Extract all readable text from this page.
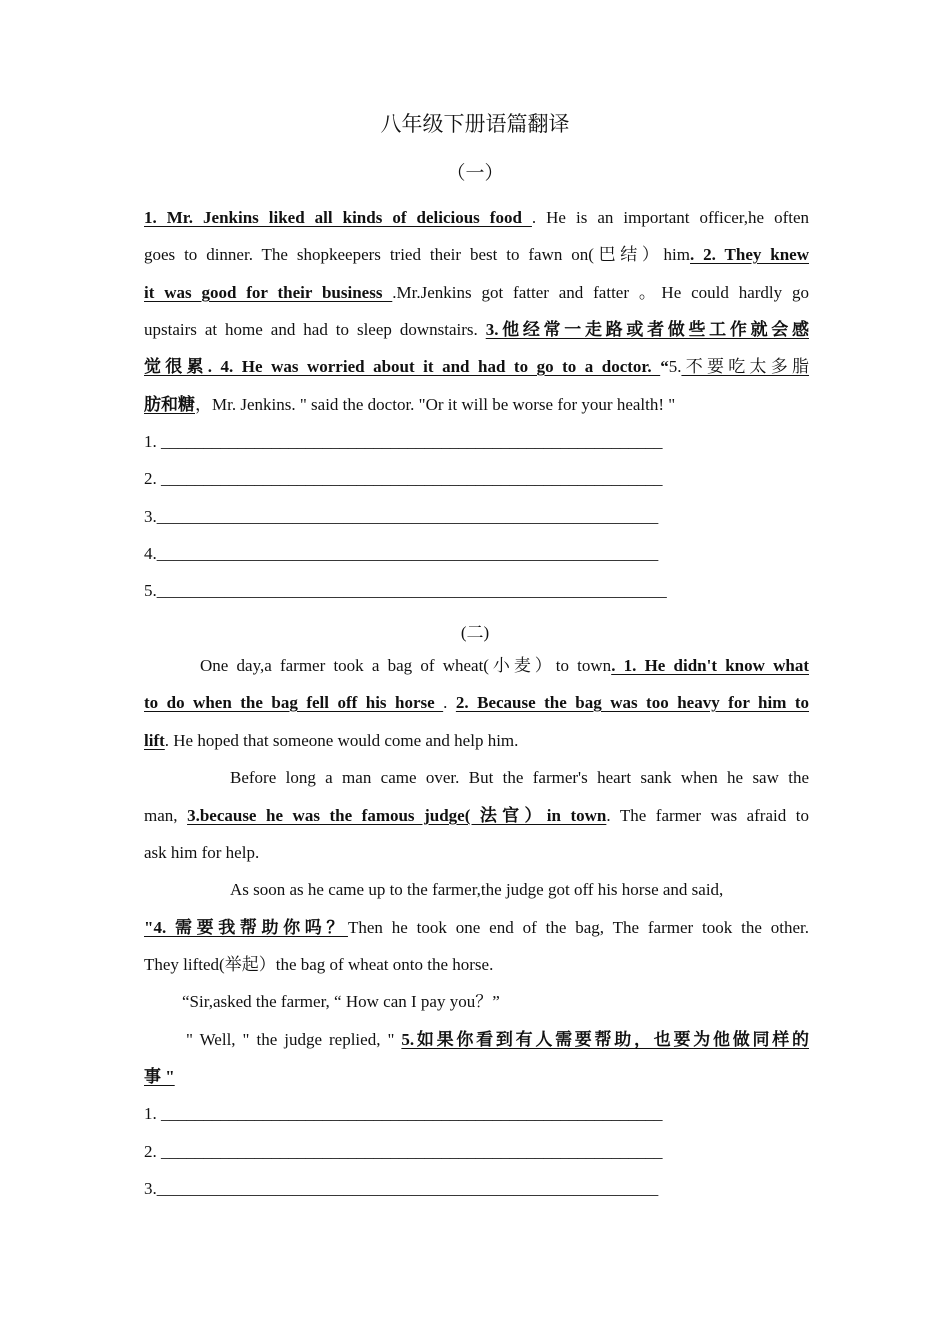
八年级下册语篇翻译
（一）
1. Mr. Jenkins liked all kinds of delicious food . He is an important officer,he often
goes to dinner. The shopkeepers tried their best to fawn on(巴结）him. 2. They knew
it was good for their business .Mr.Jenkins got fatter and fatter 。He could hardly go
upstairs at home and had to sleep downstairs. 3.他经常一走路或者做些工作就会感
觉很累. 4. He was worried about it and had to go to a doctor. “5.不要吃太多脂
肪和糖，Mr. Jenkins. " said the doctor. "Or it will be worse for your health! "
1. ___________________________________________________________
2. ___________________________________________________________
3.___________________________________________________________
4.___________________________________________________________
5.____________________________________________________________
(二)
One day,a farmer took a bag of wheat(小麦）to town. 1. He didn't know what
to do when the bag fell off his horse . 2. Because the bag was too heavy for him to
lift. He hoped that someone would come and help him.
Before long a man came over. But the farmer's heart sank when he saw the
man, 3.because he was the famous judge( 法官）in town. The farmer was afraid to
ask him for help.
As soon as he came up to the farmer,the judge got off his horse and said,
"4. 需要我帮助你吗？Then he took one end of the bag, The farmer took the other.
They lifted(举起）the bag of wheat onto the horse.
“Sir,asked the farmer, “ How can I pay you？”
" Well, " the judge replied, " 5.如果你看到有人需要帮助，也要为他做同样的
事 "
1. ___________________________________________________________
2. ___________________________________________________________
3.___________________________________________________________
